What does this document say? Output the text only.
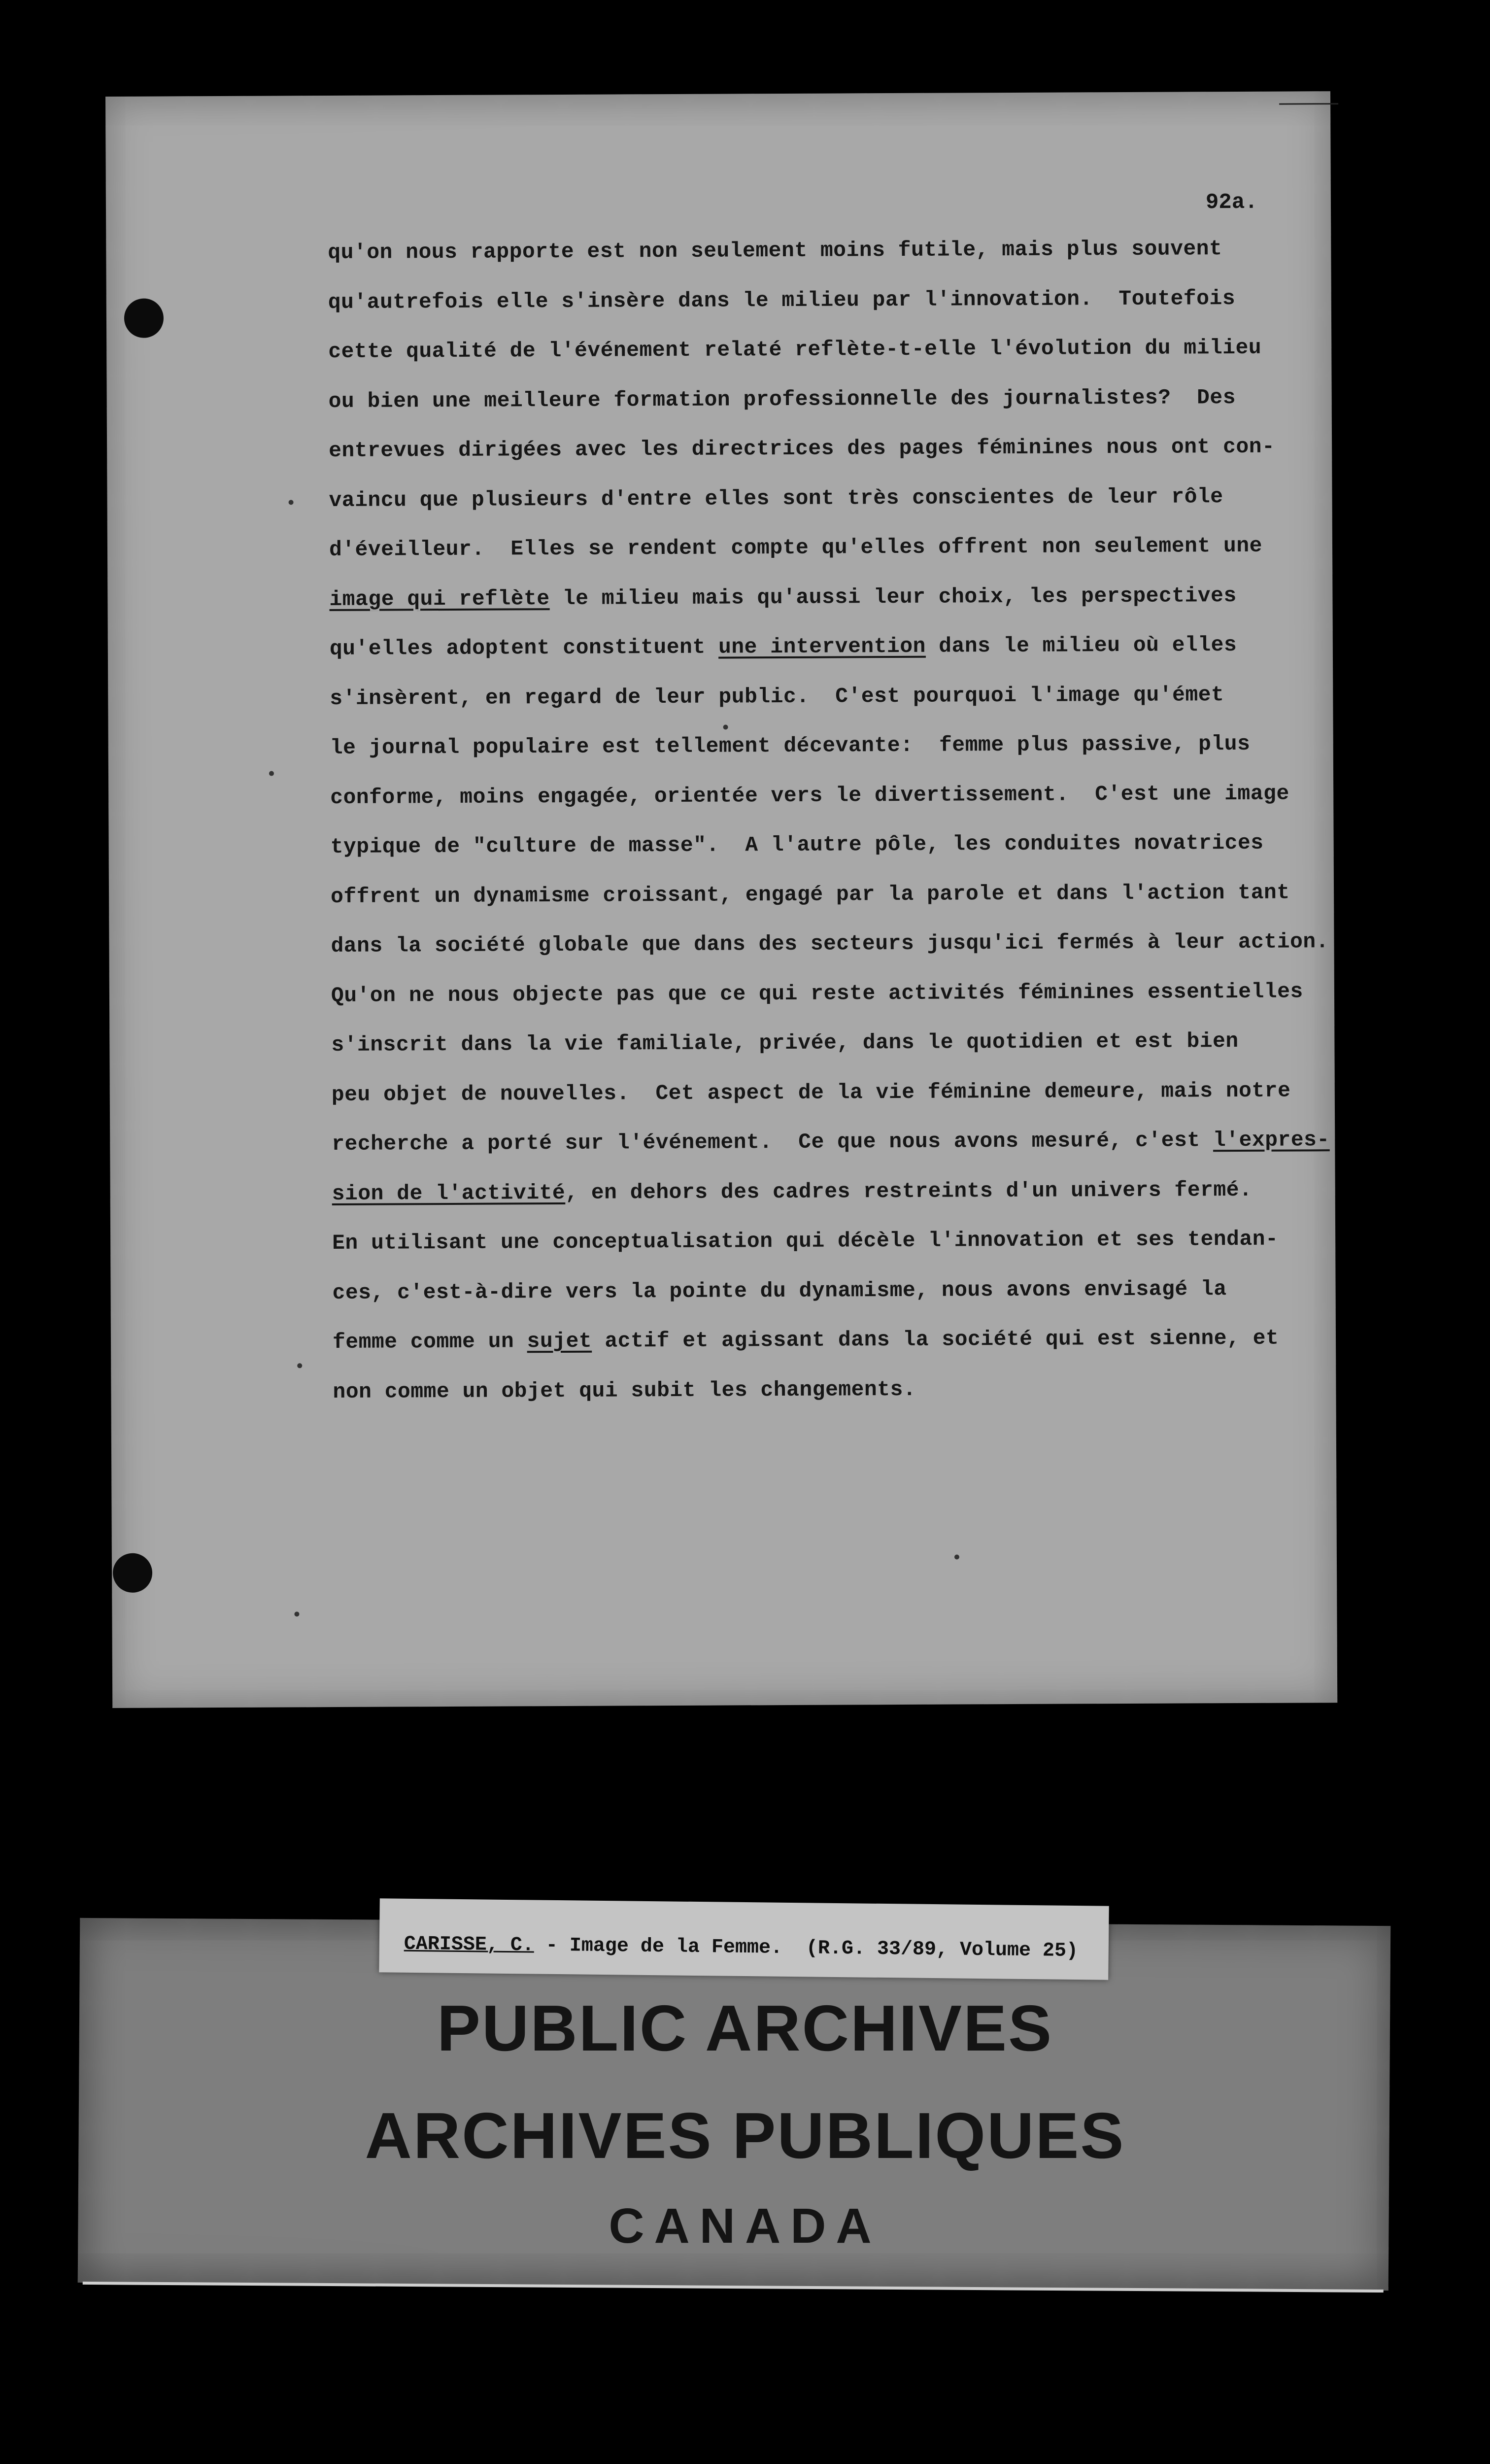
92a.
qu'on nous rapporte est non seulement moins futile, mais plus souvent
qu'autrefois elle s'insère dans le milieu par l'innovation.  Toutefois
cette qualité de l'événement relaté reflète-t-elle l'évolution du milieu
ou bien une meilleure formation professionnelle des journalistes?  Des
entrevues dirigées avec les directrices des pages féminines nous ont con-
vaincu que plusieurs d'entre elles sont très conscientes de leur rôle
d'éveilleur.  Elles se rendent compte qu'elles offrent non seulement une
image qui reflète le milieu mais qu'aussi leur choix, les perspectives
qu'elles adoptent constituent une intervention dans le milieu où elles
s'insèrent, en regard de leur public.  C'est pourquoi l'image qu'émet
le journal populaire est tellement décevante:  femme plus passive, plus
conforme, moins engagée, orientée vers le divertissement.  C'est une image
typique de "culture de masse".  A l'autre pôle, les conduites novatrices
offrent un dynamisme croissant, engagé par la parole et dans l'action tant
dans la société globale que dans des secteurs jusqu'ici fermés à leur action.
Qu'on ne nous objecte pas que ce qui reste activités féminines essentielles
s'inscrit dans la vie familiale, privée, dans le quotidien et est bien
peu objet de nouvelles.  Cet aspect de la vie féminine demeure, mais notre
recherche a porté sur l'événement.  Ce que nous avons mesuré, c'est l'expres-
sion de l'activité, en dehors des cadres restreints d'un univers fermé.
En utilisant une conceptualisation qui décèle l'innovation et ses tendan-
ces, c'est-à-dire vers la pointe du dynamisme, nous avons envisagé la
femme comme un sujet actif et agissant dans la société qui est sienne, et
non comme un objet qui subit les changements.
CARISSE, C. - Image de la Femme.  (R.G. 33/89, Volume 25)
PUBLIC ARCHIVES
ARCHIVES PUBLIQUES
CANADA
